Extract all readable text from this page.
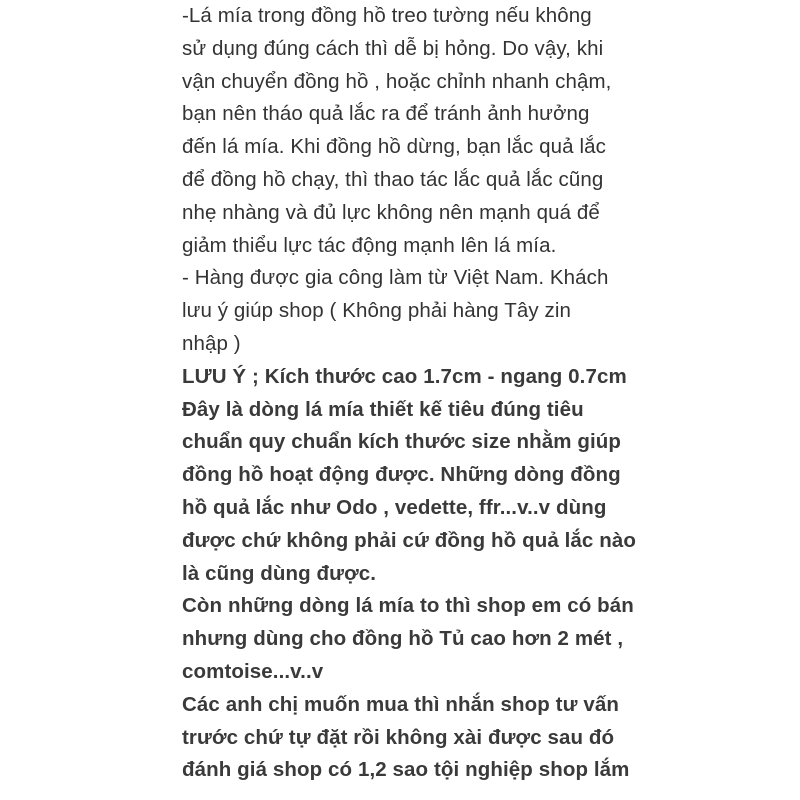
-Lá mía trong đồng hồ treo tường nếu không
sử dụng đúng cách thì dễ bị hỏng. Do vậy, khi
vận chuyển đồng hồ , hoặc chỉnh nhanh chậm,
bạn nên tháo quả lắc ra để tránh ảnh hưởng
đến lá mía. Khi đồng hồ dừng, bạn lắc quả lắc
để đồng hồ chạy, thì thao tác lắc quả lắc cũng
nhẹ nhàng và đủ lực không nên mạnh quá để
giảm thiểu lực tác động mạnh lên lá mía.
- Hàng được gia công làm từ Việt Nam. Khách
lưu ý giúp shop ( Không phải hàng Tây zin
nhập )
LƯU Ý ; Kích thước cao 1.7cm - ngang 0.7cm
Đây là dòng lá mía thiết kế tiêu đúng tiêu
chuẩn quy chuẩn kích thước size nhằm giúp
đồng hồ hoạt động được. Những dòng đồng
hồ quả lắc như Odo , vedette, ffr...v..v dùng
được chứ không phải cứ đồng hồ quả lắc nào
là cũng dùng được.
Còn những dòng lá mía to thì shop em có bán
nhưng dùng cho đồng hồ Tủ cao hơn 2 mét ,
comtoise...v..v
Các anh chị muốn mua thì nhắn shop tư vấn
trước chứ tự đặt rồi không xài được sau đó
đánh giá shop có 1,2 sao tội nghiệp shop lắm
